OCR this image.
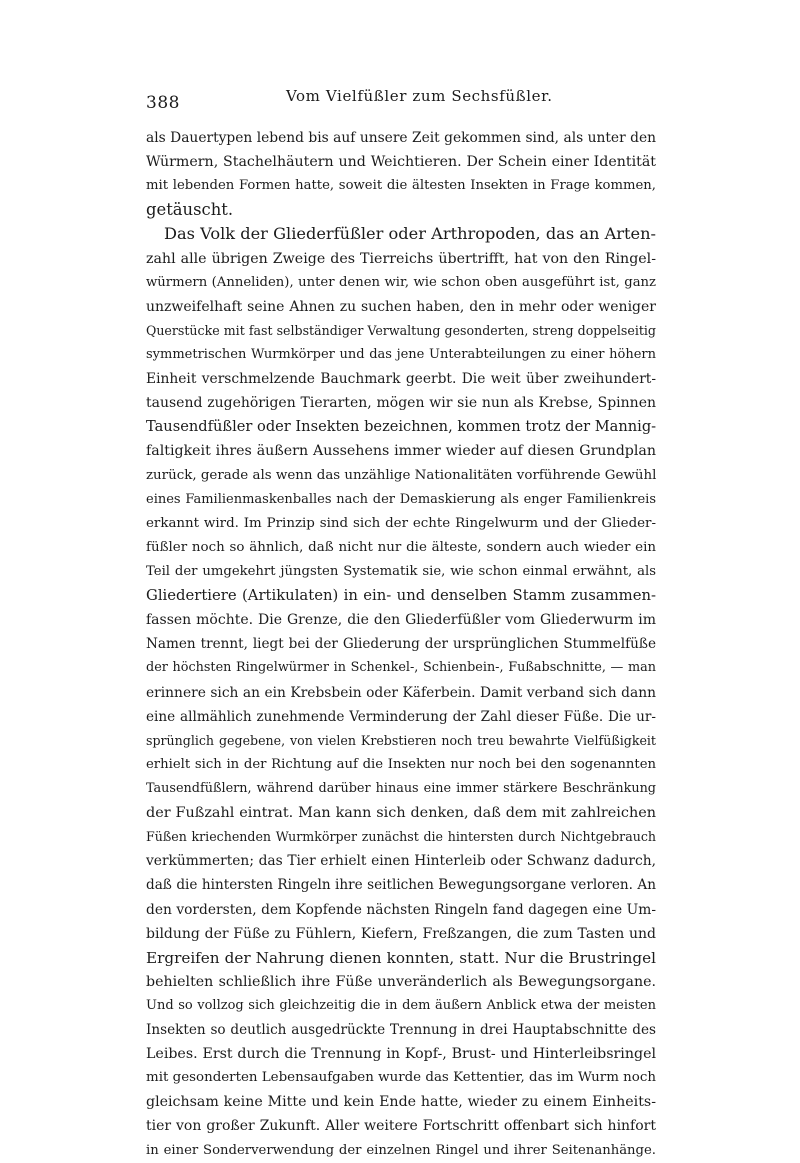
388	Vom Vielfüßler zum Sechsfüßler.
als Dauertypen lebend bis auf unsere Zeit gekommen sind, als unter den
Würmern, Stachelhäutern und Weichtieren. Der Schein einer Identität
mit lebenden Formen hatte, soweit die ältesten Insekten in Frage kommen,
getäuscht.
Das Volk der Gliederfüßler oder Arthropoden, das an Arten-
zahl alle übrigen Zweige des Tierreichs übertrifft, hat von den Ringel-
würmern (Anneliden), unter denen wir, wie schon oben ausgeführt ist, ganz
unzweifelhaft seine Ahnen zu suchen haben, den in mehr oder weniger
Querstücke mit fast selbständiger Verwaltung gesonderten, streng doppelseitig
symmetrischen Wurmkörper und das jene Unterabteilungen zu einer höhern
Einheit verschmelzende Bauchmark geerbt. Die weit über zweihundert-
tausend zugehörigen Tierarten, mögen wir sie nun als Krebse, Spinnen
Tausendfüßler oder Insekten bezeichnen, kommen trotz der Mannig-
faltigkeit ihres äußern Aussehens immer wieder auf diesen Grundplan
zurück, gerade als wenn das unzählige Nationalitäten vorführende Gewühl
eines Familienmaskenballes nach der Demaskierung als enger Familienkreis
erkannt wird. Im Prinzip sind sich der echte Ringelwurm und der Glieder-
füßler noch so ähnlich, daß nicht nur die älteste, sondern auch wieder ein
Teil der umgekehrt jüngsten Systematik sie, wie schon einmal erwähnt, als
Gliedertiere (Artikulaten) in ein- und denselben Stamm zusammen-
fassen möchte. Die Grenze, die den Gliederfüßler vom Gliederwurm im
Namen trennt, liegt bei der Gliederung der ursprünglichen Stummelfüße
der höchsten Ringelwürmer in Schenkel-, Schienbein-, Fußabschnitte, — man
erinnere sich an ein Krebsbein oder Käferbein. Damit verband sich dann
eine allmählich zunehmende Verminderung der Zahl dieser Füße. Die ur-
sprünglich gegebene, von vielen Krebstieren noch treu bewahrte Vielfüßigkeit
erhielt sich in der Richtung auf die Insekten nur noch bei den sogenannten
Tausendfüßlern, während darüber hinaus eine immer stärkere Beschränkung
der Fußzahl eintrat. Man kann sich denken, daß dem mit zahlreichen
Füßen kriechenden Wurmkörper zunächst die hintersten durch Nichtgebrauch
verkümmerten; das Tier erhielt einen Hinterleib oder Schwanz dadurch,
daß die hintersten Ringeln ihre seitlichen Bewegungsorgane verloren. An
den vordersten, dem Kopfende nächsten Ringeln fand dagegen eine Um-
bildung der Füße zu Fühlern, Kiefern, Freßzangen, die zum Tasten und
Ergreifen der Nahrung dienen konnten, statt. Nur die Brustringel
behielten schließlich ihre Füße unveränderlich als Bewegungsorgane.
Und so vollzog sich gleichzeitig die in dem äußern Anblick etwa der meisten
Insekten so deutlich ausgedrückte Trennung in drei Hauptabschnitte des
Leibes. Erst durch die Trennung in Kopf-, Brust- und Hinterleibsringel
mit gesonderten Lebensaufgaben wurde das Kettentier, das im Wurm noch
gleichsam keine Mitte und kein Ende hatte, wieder zu einem Einheits-
tier von großer Zukunft. Aller weitere Fortschritt offenbart sich hinfort
in einer Sonderverwendung der einzelnen Ringel und ihrer Seitenanhänge.
